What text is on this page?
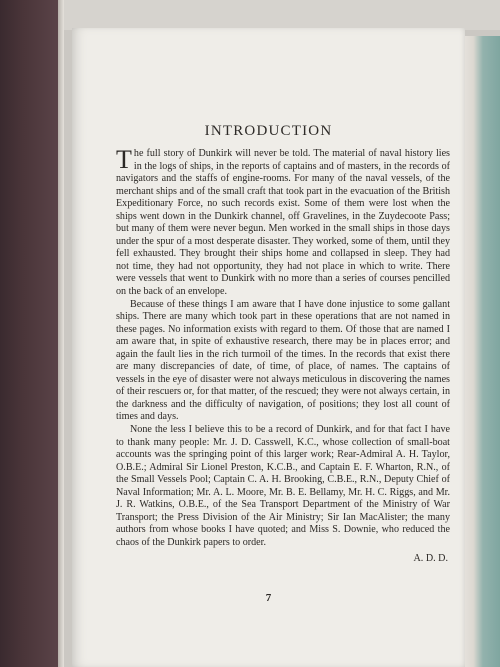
INTRODUCTION

The full story of Dunkirk will never be told. The material of naval history lies in the logs of ships, in the reports of captains and of masters, in the records of navigators and the staffs of engine-rooms. For many of the naval vessels, of the merchant ships and of the small craft that took part in the evacuation of the British Expeditionary Force, no such records exist. Some of them were lost when the ships went down in the Dunkirk channel, off Gravelines, in the Zuydecoote Pass; but many of them were never begun. Men worked in the small ships in those days under the spur of a most desperate disaster. They worked, some of them, until they fell exhausted. They brought their ships home and collapsed in sleep. They had not time, they had not opportunity, they had not place in which to write. There were vessels that went to Dunkirk with no more than a series of courses pencilled on the back of an envelope.

Because of these things I am aware that I have done injustice to some gallant ships. There are many which took part in these operations that are not named in these pages. No information exists with regard to them. Of those that are named I am aware that, in spite of exhaustive research, there may be in places error; and again the fault lies in the rich turmoil of the times. In the records that exist there are many discrepancies of date, of time, of place, of names. The captains of vessels in the eye of disaster were not always meticulous in discovering the names of their rescuers or, for that matter, of the rescued; they were not always certain, in the darkness and the difficulty of navigation, of positions; they lost all count of times and days.

None the less I believe this to be a record of Dunkirk, and for that fact I have to thank many people: Mr. J. D. Casswell, K.C., whose collection of small-boat accounts was the springing point of this larger work; Rear-Admiral A. H. Taylor, O.B.E.; Admiral Sir Lionel Preston, K.C.B., and Captain E. F. Wharton, R.N., of the Small Vessels Pool; Captain C. A. H. Brooking, C.B.E., R.N., Deputy Chief of Naval Information; Mr. A. L. Moore, Mr. B. E. Bellamy, Mr. H. C. Riggs, and Mr. J. R. Watkins, O.B.E., of the Sea Transport Department of the Ministry of War Transport; the Press Division of the Air Ministry; Sir Ian MacAlister; the many authors from whose books I have quoted; and Miss S. Downie, who reduced the chaos of the Dunkirk papers to order.

A. D. D.
7
